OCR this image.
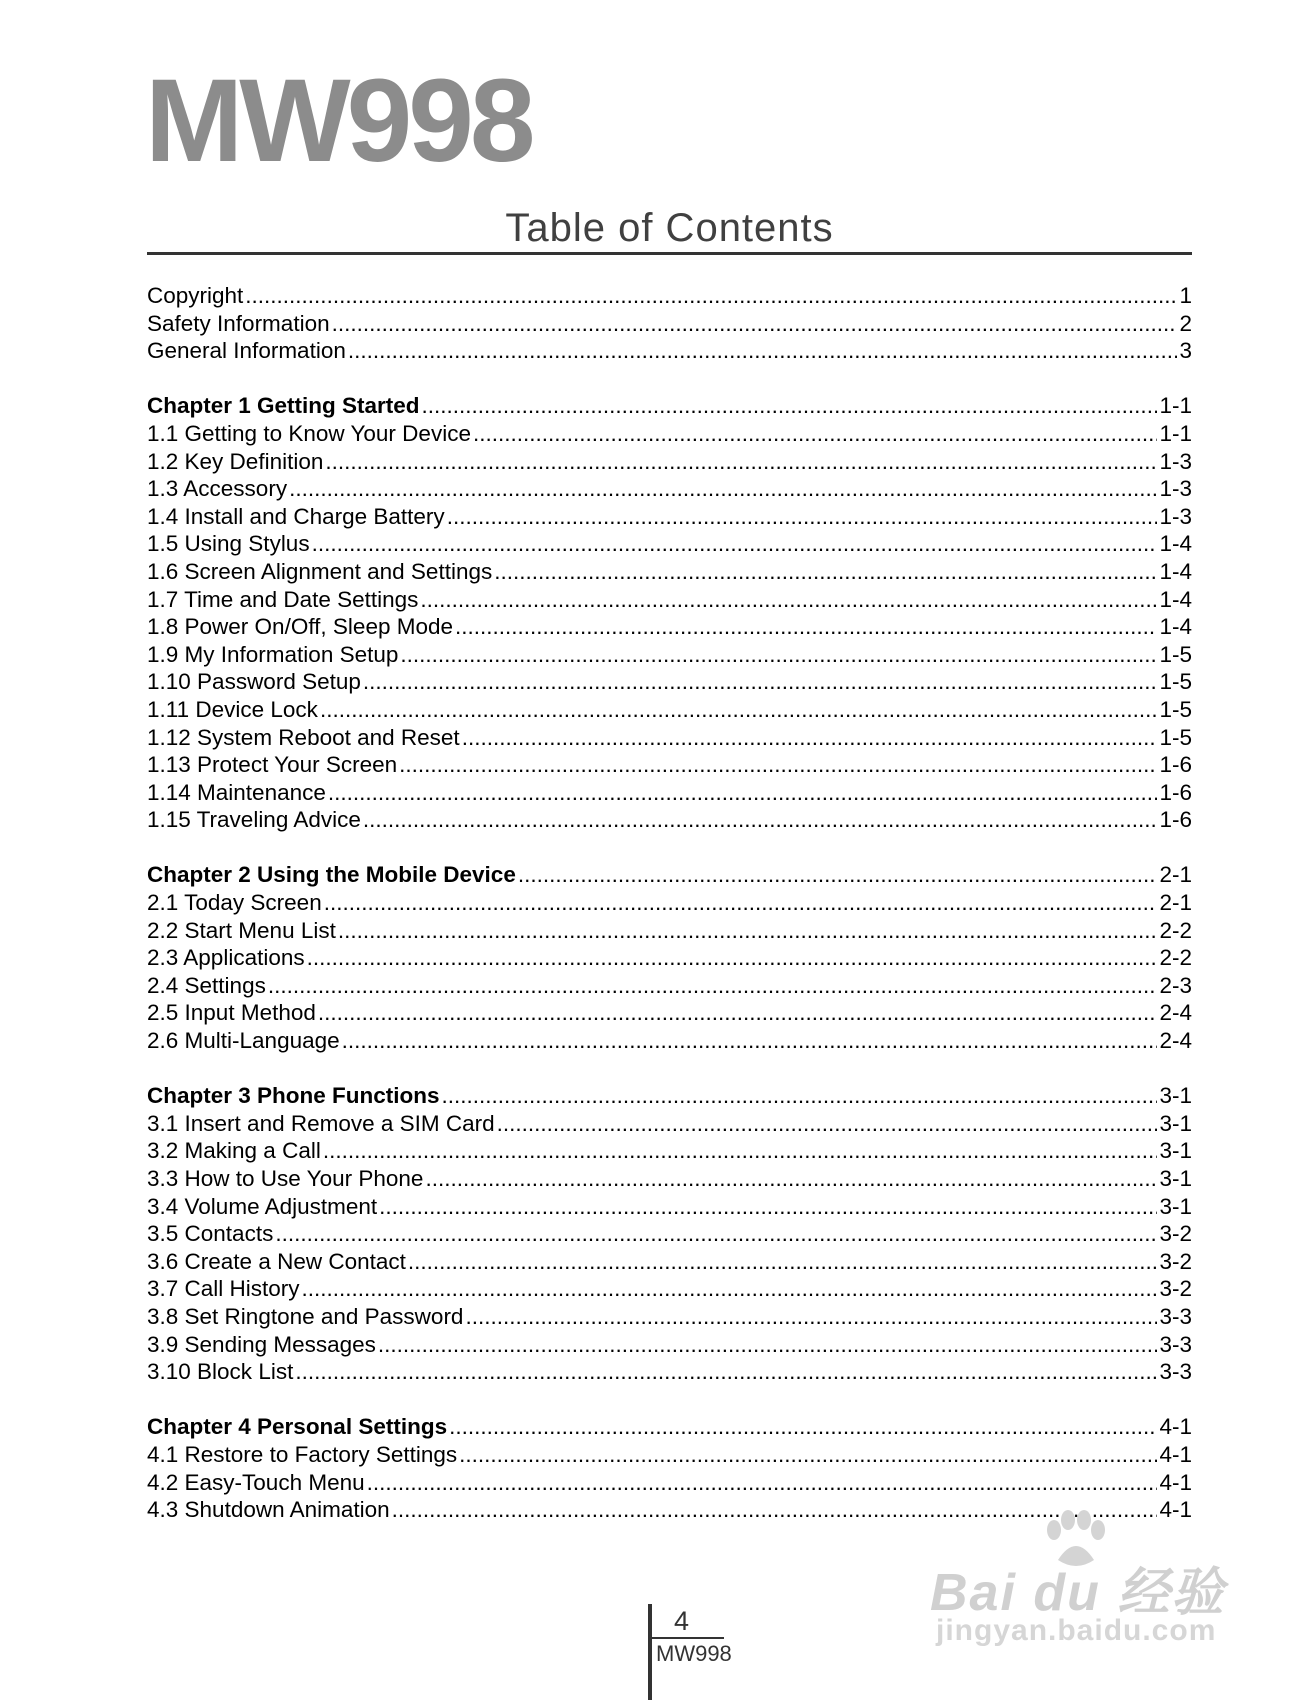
MW998
Table of Contents
Copyright .....	1
Safety Information .....	2
General Information .....	3
Chapter 1 Getting Started .....	1-1
1.1 Getting to Know Your Device .....	1-1
1.2 Key Definition .....	1-3
1.3 Accessory .....	1-3
1.4 Install and Charge Battery .....	1-3
1.5 Using Stylus .....	1-4
1.6 Screen Alignment and Settings .....	1-4
1.7 Time and Date Settings .....	1-4
1.8 Power On/Off, Sleep Mode .....	1-4
1.9 My Information Setup .....	1-5
1.10 Password Setup .....	1-5
1.11 Device Lock .....	1-5
1.12 System Reboot and Reset .....	1-5
1.13 Protect Your Screen .....	1-6
1.14 Maintenance .....	1-6
1.15 Traveling Advice .....	1-6
Chapter 2 Using the Mobile Device .....	2-1
2.1 Today Screen .....	2-1
2.2 Start Menu List .....	2-2
2.3 Applications .....	2-2
2.4 Settings .....	2-3
2.5 Input Method .....	2-4
2.6 Multi-Language .....	2-4
Chapter 3 Phone Functions .....	3-1
3.1 Insert and Remove a SIM Card .....	3-1
3.2 Making a Call .....	3-1
3.3 How to Use Your Phone .....	3-1
3.4 Volume Adjustment .....	3-1
3.5 Contacts .....	3-2
3.6 Create a New Contact .....	3-2
3.7 Call History .....	3-2
3.8 Set Ringtone and Password .....	3-3
3.9 Sending Messages .....	3-3
3.10 Block List .....	3-3
Chapter 4 Personal Settings .....	4-1
4.1 Restore to Factory Settings .....	4-1
4.2 Easy-Touch Menu .....	4-1
4.3 Shutdown Animation .....	4-1
4
MW998
Bai du 经验
jingyan.baidu.com
